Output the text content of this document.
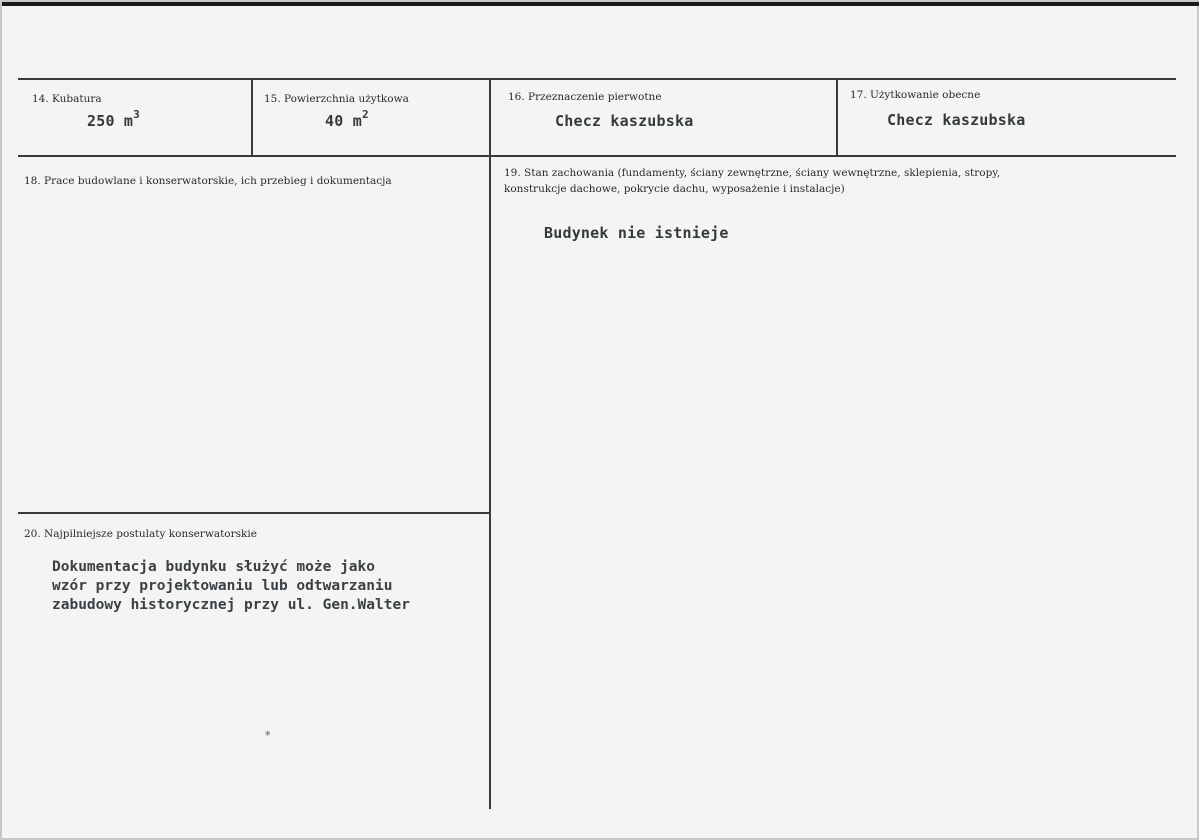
14. Kubatura
250 $m^3$
15. Powierzchnia użytkowa
40 $m^2$
16. Przeznaczenie pierwotne
Checz kaszubska
17. Użytkowanie obecne
Checz kaszubska
18. Prace budowlane i konserwatorskie, ich przebieg i dokumentacja
19. Stan zachowania (fundamenty, ściany zewnętrzne, ściany wewnętrzne, sklepienia, stropy,
konstrukcje dachowe, pokrycie dachu, wyposażenie i instalacje)
Budynek nie istnieje
20. Najpilniejsze postulaty konserwatorskie
Dokumentacja budynku służyć może jako
wzór przy projektowaniu lub odtwarzaniu
zabudowy historycznej przy ul. Gen.Walter
∗
